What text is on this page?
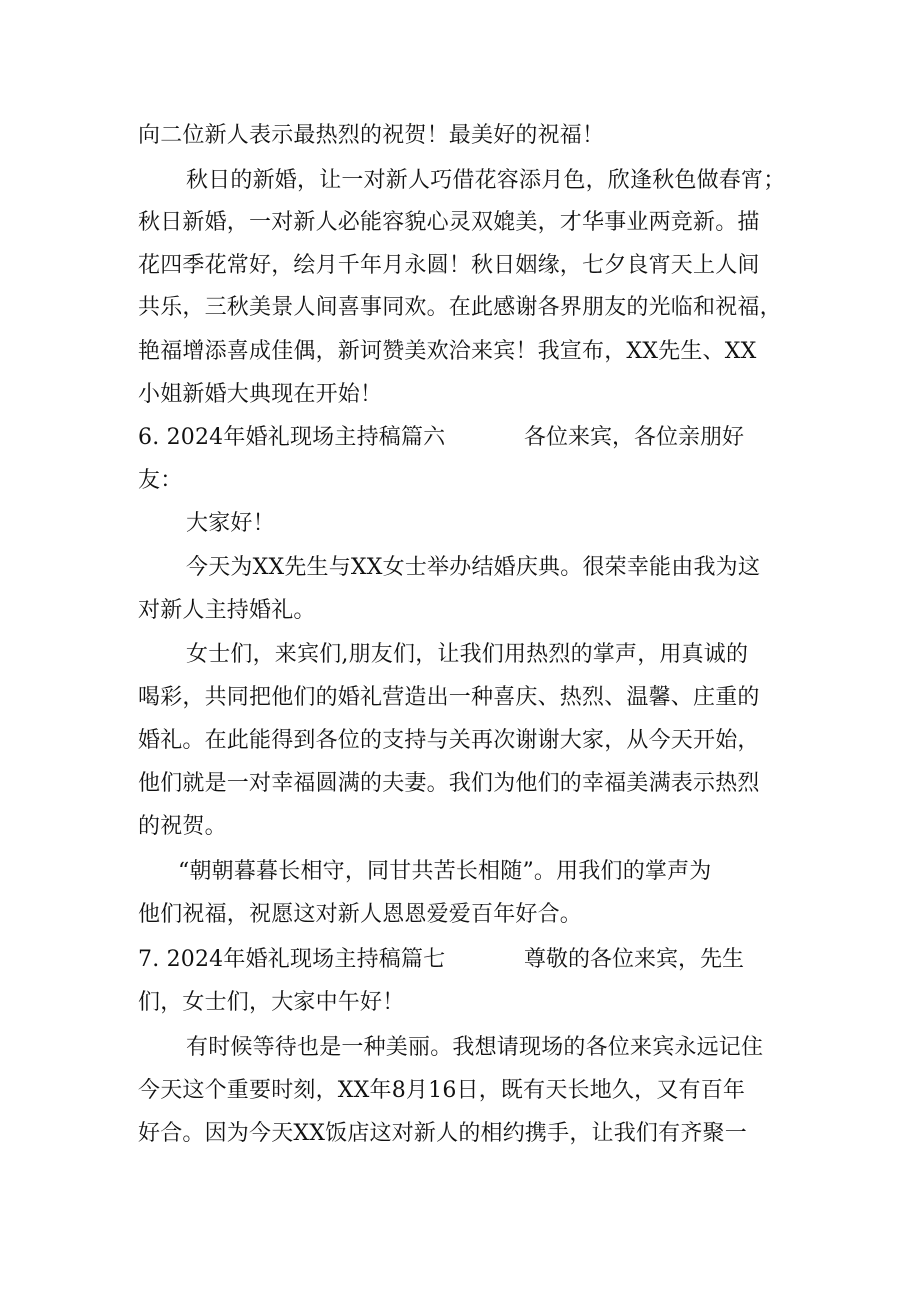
向二位新人表示最热烈的祝贺！最美好的祝福！
秋日的新婚，让一对新人巧借花容添月色，欣逢秋色做春宵；
秋日新婚，一对新人必能容貌心灵双媲美，才华事业两竞新。描
花四季花常好，绘月千年月永圆！秋日姻缘，七夕良宵天上人间
共乐，三秋美景人间喜事同欢。在此感谢各界朋友的光临和祝福，
艳福增添喜成佳偶，新诃赞美欢洽来宾！我宣布，XX先生、XX
小姐新婚大典现在开始！
6. 2024年婚礼现场主持稿篇六	各位来宾，各位亲朋好
友：
大家好！
今天为XX先生与XX女士举办结婚庆典。很荣幸能由我为这
对新人主持婚礼。
女士们，来宾们,朋友们，让我们用热烈的掌声，用真诚的
喝彩，共同把他们的婚礼营造出一种喜庆、热烈、温馨、庄重的
婚礼。在此能得到各位的支持与关再次谢谢大家，从今天开始，
他们就是一对幸福圆满的夫妻。我们为他们的幸福美满表示热烈
的祝贺。
“朝朝暮暮长相守，同甘共苦长相随”。用我们的掌声为
他们祝福，祝愿这对新人恩恩爱爱百年好合。
7. 2024年婚礼现场主持稿篇七	尊敬的各位来宾，先生
们，女士们，大家中午好！
有时候等待也是一种美丽。我想请现场的各位来宾永远记住
今天这个重要时刻，XX年8月16日，既有天长地久，又有百年
好合。因为今天XX饭店这对新人的相约携手，让我们有齐聚一
